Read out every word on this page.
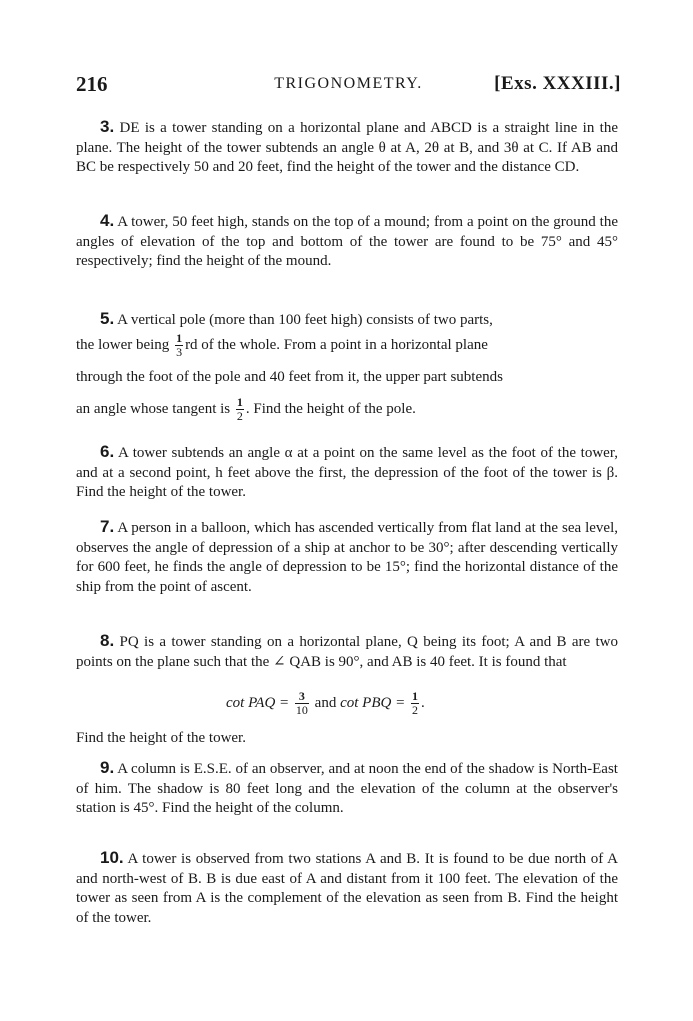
216	TRIGONOMETRY.	[Exs. XXXIII.]

3. DE is a tower standing on a horizontal plane and ABCD is a straight line in the plane. The height of the tower subtends an angle θ at A, 2θ at B, and 3θ at C. If AB and BC be respectively 50 and 20 feet, find the height of the tower and the distance CD.

4. A tower, 50 feet high, stands on the top of a mound; from a point on the ground the angles of elevation of the top and bottom of the tower are found to be 75° and 45° respectively; find the height of the mound.

5. A vertical pole (more than 100 feet high) consists of two parts,
the lower being $\frac{1}{3}$ rd of the whole. From a point in a horizontal plane
through the foot of the pole and 40 feet from it, the upper part subtends
an angle whose tangent is $\frac{1}{2}$ . Find the height of the pole.

6. A tower subtends an angle α at a point on the same level as the foot of the tower, and at a second point, h feet above the first, the depression of the foot of the tower is β. Find the height of the tower.

7. A person in a balloon, which has ascended vertically from flat land at the sea level, observes the angle of depression of a ship at anchor to be 30°; after descending vertically for 600 feet, he finds the angle of depression to be 15°; find the horizontal distance of the ship from the point of ascent.

8. PQ is a tower standing on a horizontal plane, Q being its foot; A and B are two points on the plane such that the ∠ QAB is 90°, and AB is 40 feet. It is found that

cot PAQ = $\frac{3}{10}$ and cot PBQ = $\frac{1}{2}$ .
Find the height of the tower.

9. A column is E.S.E. of an observer, and at noon the end of the shadow is North-East of him. The shadow is 80 feet long and the elevation of the column at the observer's station is 45°. Find the height of the column.

10. A tower is observed from two stations A and B. It is found to be due north of A and north-west of B. B is due east of A and distant from it 100 feet. The elevation of the tower as seen from A is the complement of the elevation as seen from B. Find the height of the tower.
